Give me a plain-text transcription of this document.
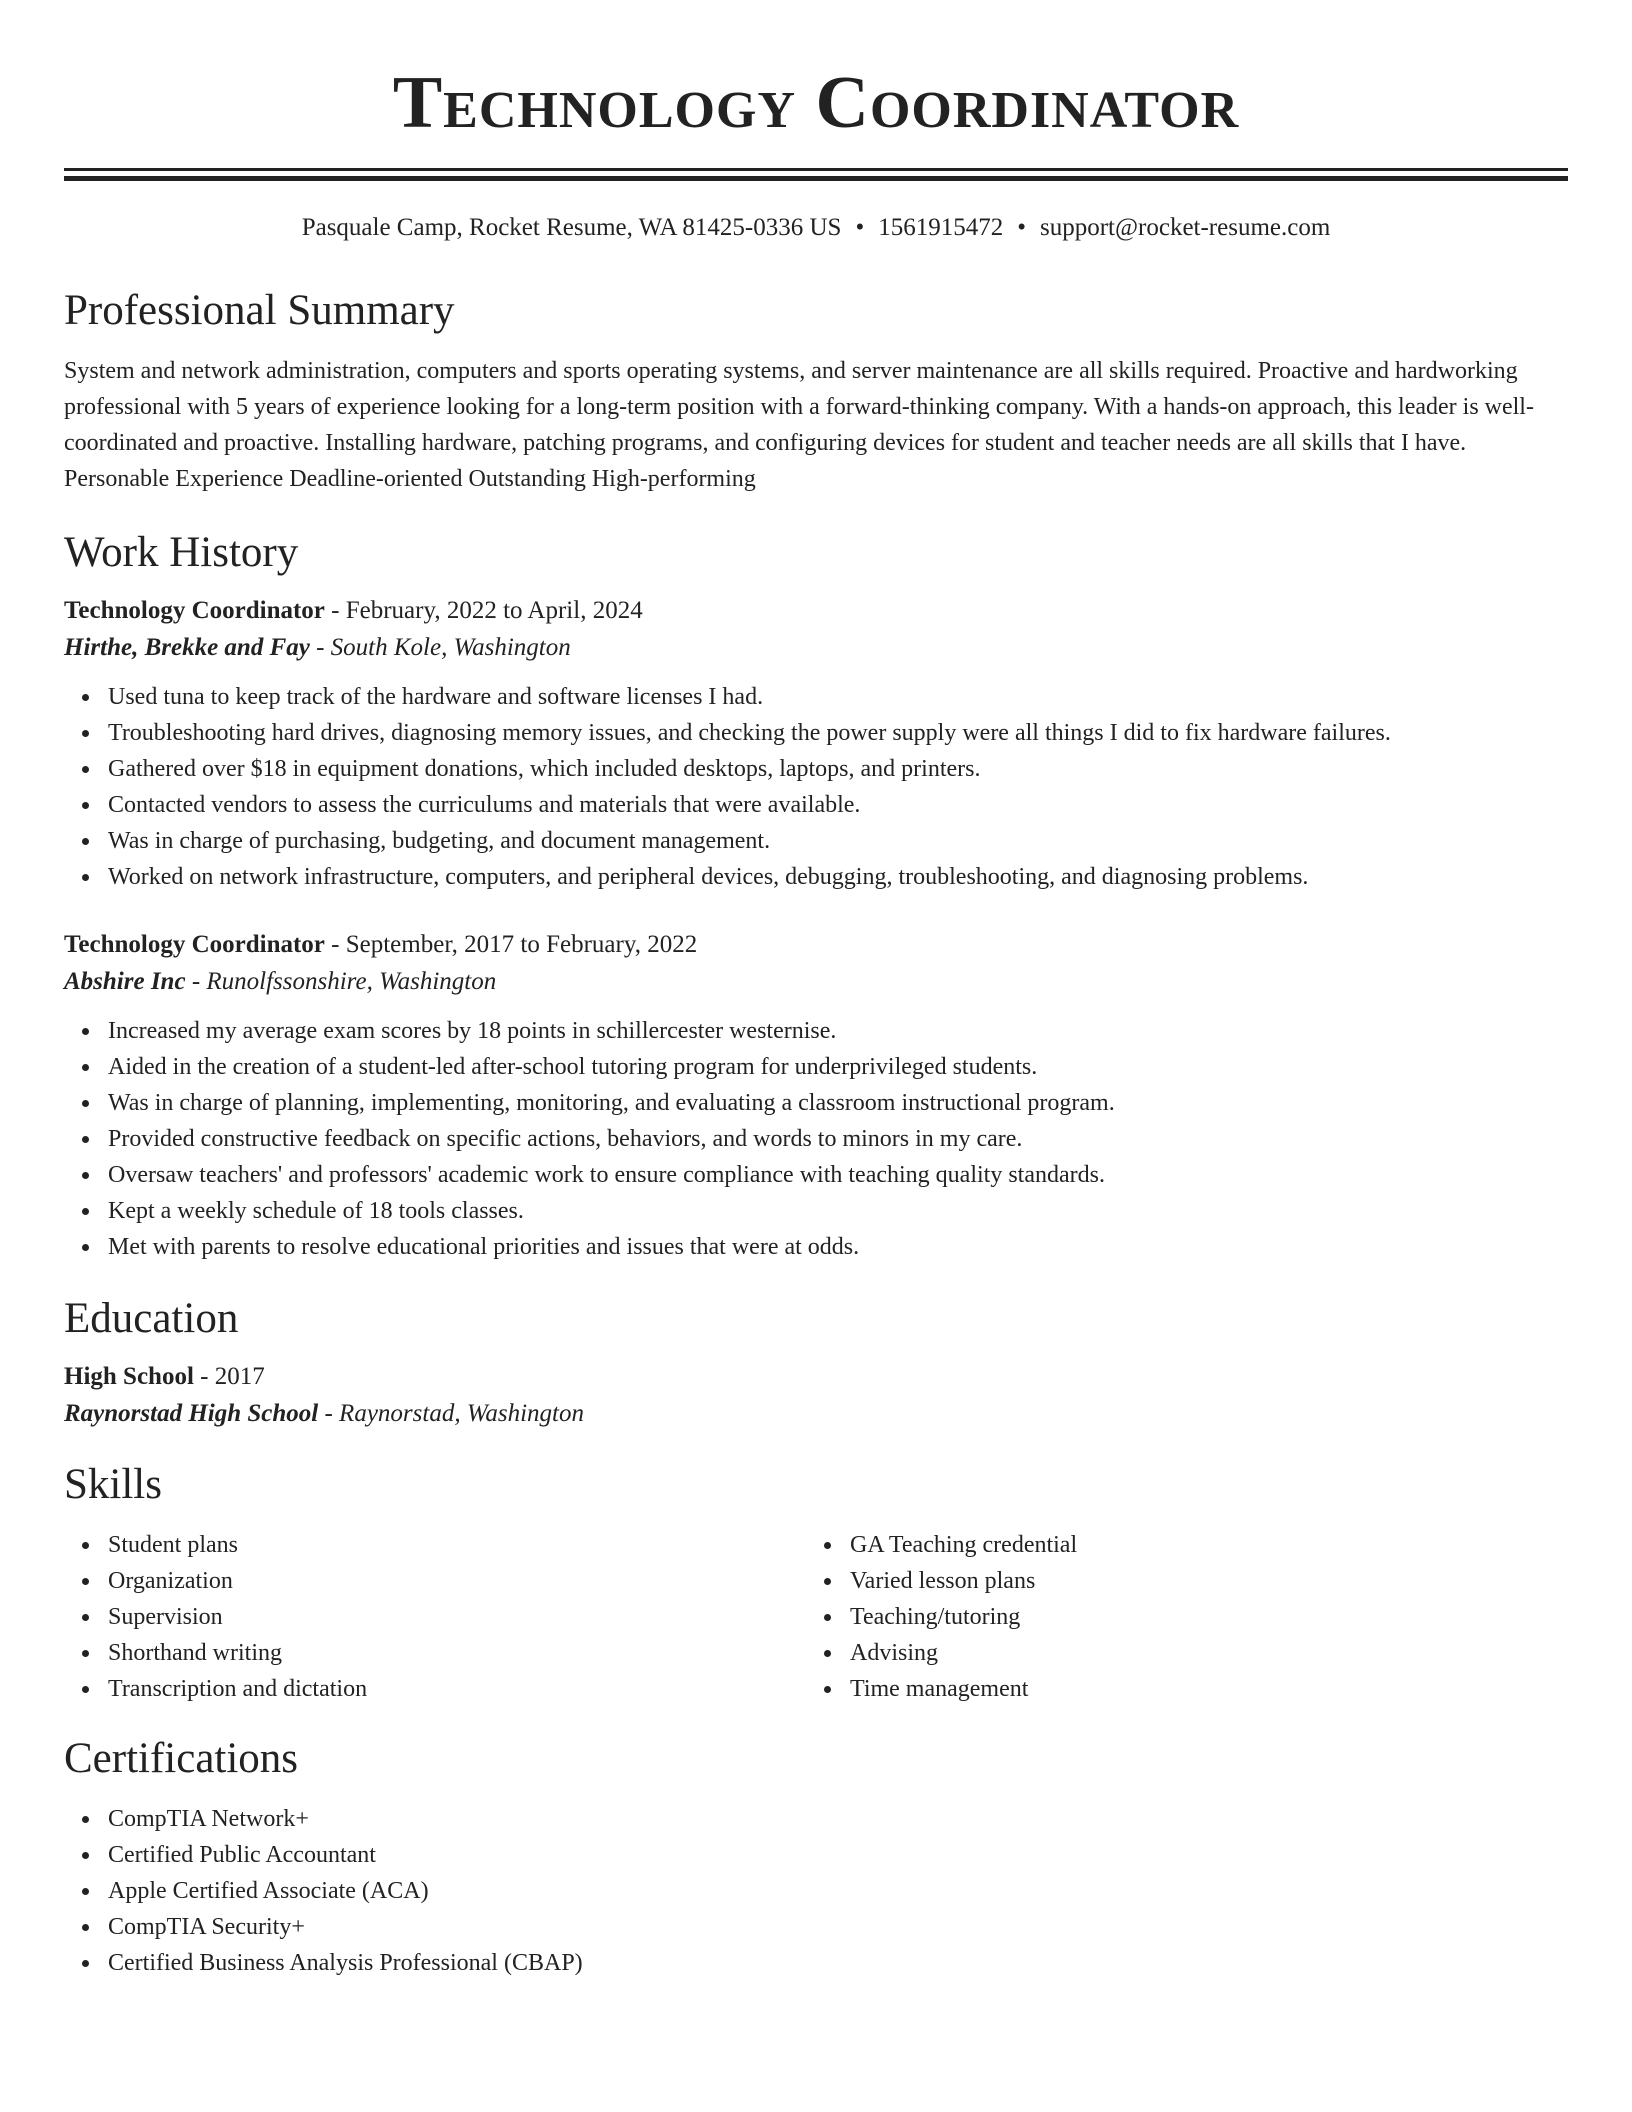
Technology Coordinator
Pasquale Camp, Rocket Resume, WA 81425-0336 US • 1561915472 • support@rocket-resume.com
Professional Summary

System and network administration, computers and sports operating systems, and server maintenance are all skills required. Proactive and hardworking professional with 5 years of experience looking for a long-term position with a forward-thinking company. With a hands-on approach, this leader is well-coordinated and proactive. Installing hardware, patching programs, and configuring devices for student and teacher needs are all skills that I have. Personable Experience Deadline-oriented Outstanding High-performing

Work History
Technology Coordinator - February, 2022 to April, 2024
Hirthe, Brekke and Fay - South Kole, Washington
Used tuna to keep track of the hardware and software licenses I had.
Troubleshooting hard drives, diagnosing memory issues, and checking the power supply were all things I did to fix hardware failures.
Gathered over $18 in equipment donations, which included desktops, laptops, and printers.
Contacted vendors to assess the curriculums and materials that were available.
Was in charge of purchasing, budgeting, and document management.
Worked on network infrastructure, computers, and peripheral devices, debugging, troubleshooting, and diagnosing problems.
Technology Coordinator - September, 2017 to February, 2022
Abshire Inc - Runolfssonshire, Washington
Increased my average exam scores by 18 points in schillercester westernise.
Aided in the creation of a student-led after-school tutoring program for underprivileged students.
Was in charge of planning, implementing, monitoring, and evaluating a classroom instructional program.
Provided constructive feedback on specific actions, behaviors, and words to minors in my care.
Oversaw teachers' and professors' academic work to ensure compliance with teaching quality standards.
Kept a weekly schedule of 18 tools classes.
Met with parents to resolve educational priorities and issues that were at odds.
Education
High School - 2017
Raynorstad High School - Raynorstad, Washington
Skills
Student plans
Organization
Supervision
Shorthand writing
Transcription and dictation
GA Teaching credential
Varied lesson plans
Teaching/tutoring
Advising
Time management
Certifications
CompTIA Network+
Certified Public Accountant
Apple Certified Associate (ACA)
CompTIA Security+
Certified Business Analysis Professional (CBAP)
